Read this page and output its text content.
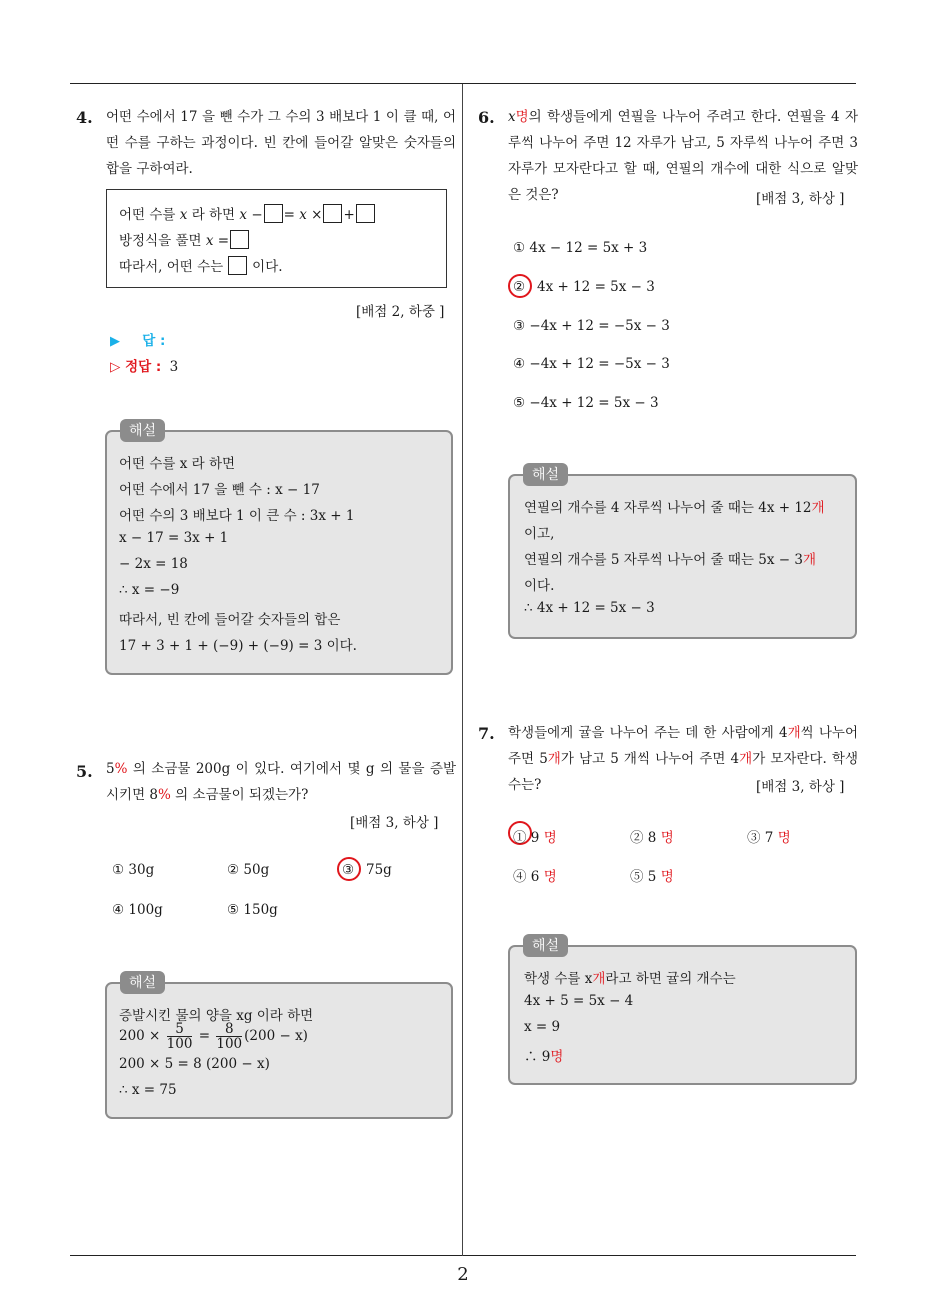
2
4. 어떤 수에서 17 을 뺀 수가 그 수의 3 배보다 1 이 클 때, 어떤 수를 구하는 과정이다. 빈 칸에 들어갈 알맞은 숫자들의 합을 구하여라.
어떤 수를 x 라 하면 x − = x × +
방정식을 풀면 x =
따라서, 어떤 수는 이다.
[배점 2, 하중 ]
▶ 답 :
▷ 정답 : 3
해설
어떤 수를 x 라 하면
어떤 수에서 17 을 뺀 수 : x − 17
어떤 수의 3 배보다 1 이 큰 수 : 3x + 1
x − 17 = 3x + 1
− 2x = 18
∴ x = −9
따라서, 빈 칸에 들어갈 숫자들의 합은
17 + 3 + 1 + (−9) + (−9) = 3 이다.
5. 5% 의 소금물 200g 이 있다. 여기에서 몇 g 의 물을 증발시키면 8% 의 소금물이 되겠는가?
[배점 3, 하상 ]
① 30g	② 50g	③ 75g
④ 100g	⑤ 150g
해설
증발시킨 물의 양을 xg 이라 하면
$200 \times \frac{5}{100} = \frac{8}{100} (200 - x)$
200 × 5 = 8 (200 − x)
∴ x = 75
6. x명의 학생들에게 연필을 나누어 주려고 한다. 연필을 4 자루씩 나누어 주면 12 자루가 남고, 5 자루씩 나누어 주면 3 자루가 모자란다고 할 때, 연필의 개수에 대한 식으로 알맞은 것은?	[배점 3, 하상 ]
① 4x − 12 = 5x + 3
② 4x + 12 = 5x − 3
③ −4x + 12 = −5x − 3
④ −4x + 12 = −5x − 3
⑤ −4x + 12 = 5x − 3
해설
연필의 개수를 4 자루씩 나누어 줄 때는 4x + 12개
이고,
연필의 개수를 5 자루씩 나누어 줄 때는 5x − 3개
이다.
∴ 4x + 12 = 5x − 3
7. 학생들에게 귤을 나누어 주는 데 한 사람에게 4개씩 나누어 주면 5개가 남고 5 개씩 나누어 주면 4개가 모자란다. 학생 수는?	[배점 3, 하상 ]
① 9 명	② 8 명	③ 7 명
④ 6 명	⑤ 5 명
해설
학생 수를 x개라고 하면 귤의 개수는
4x + 5 = 5x − 4
x = 9
∴ 9명
